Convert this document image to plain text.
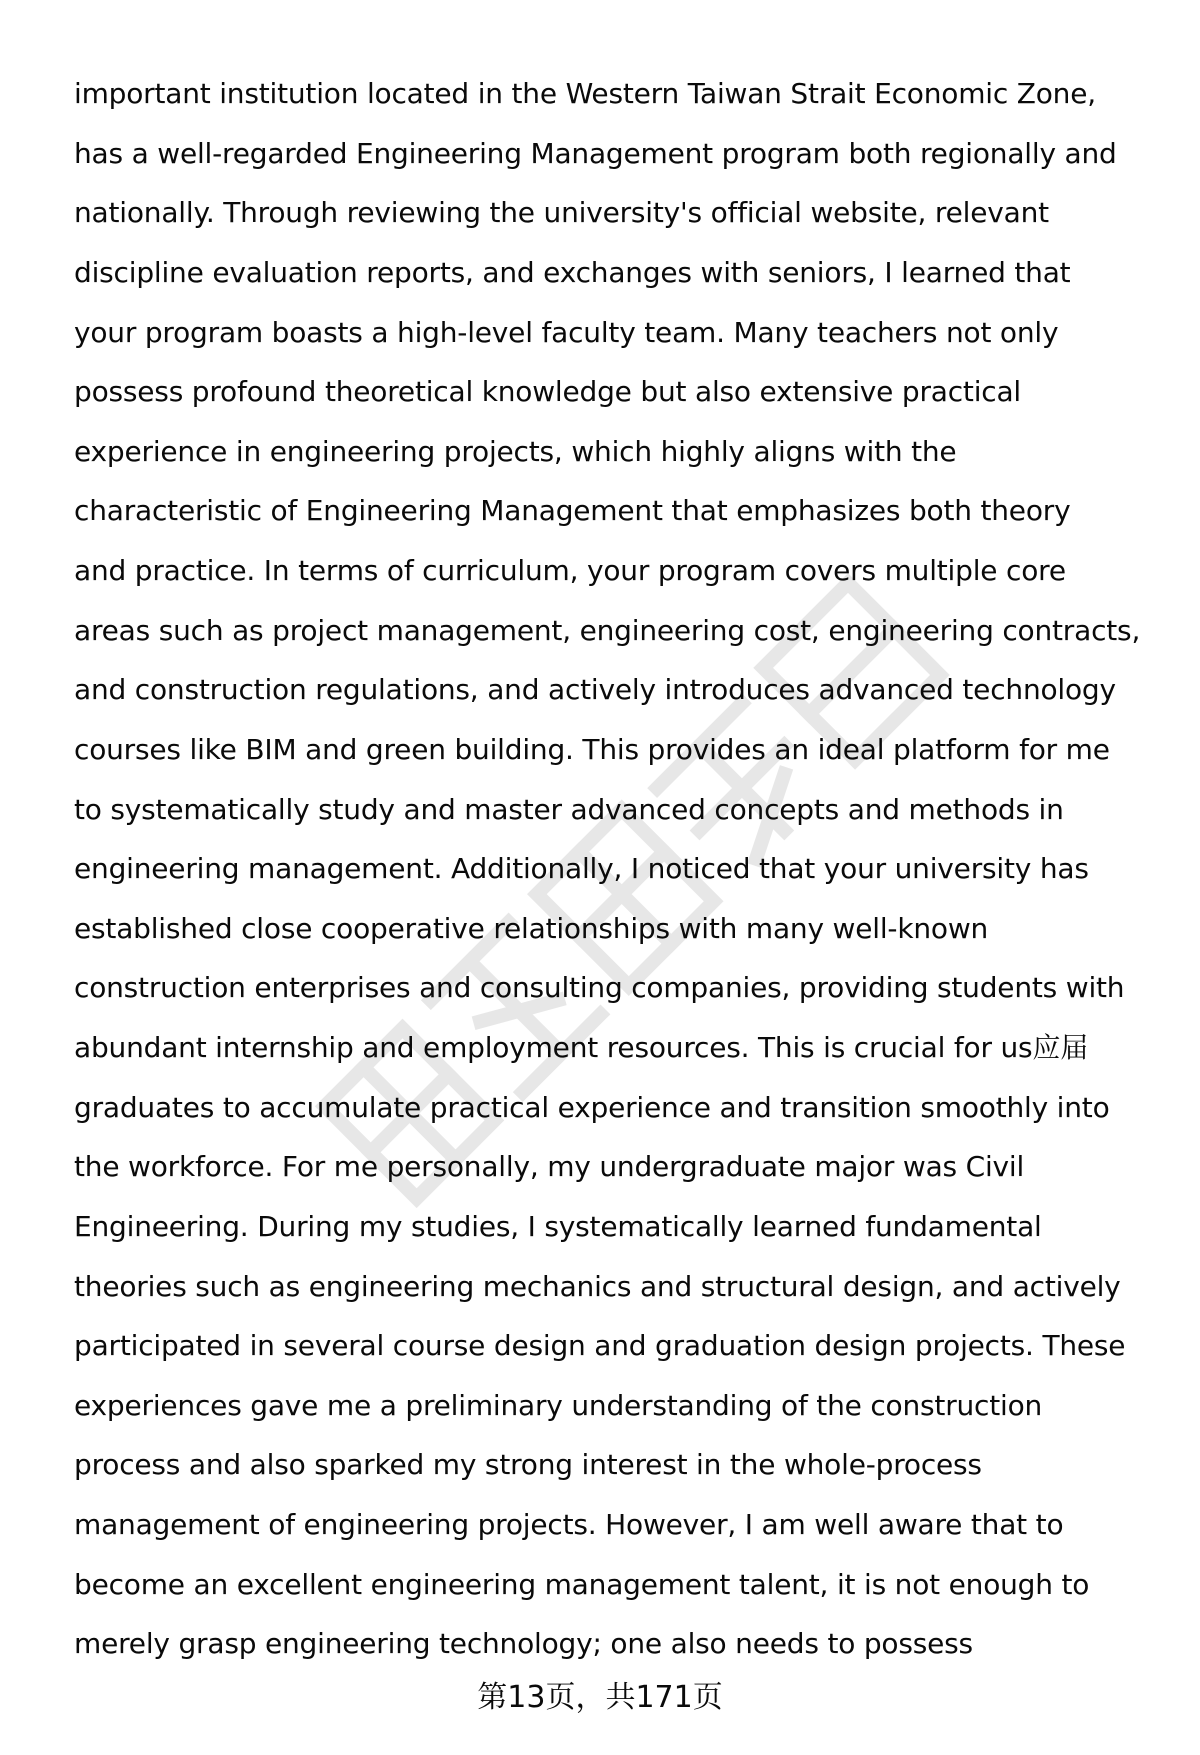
important institution located in the Western Taiwan Strait Economic Zone,
has a well-regarded Engineering Management program both regionally and
nationally. Through reviewing the university's official website, relevant
discipline evaluation reports, and exchanges with seniors, I learned that
your program boasts a high-level faculty team. Many teachers not only
possess profound theoretical knowledge but also extensive practical
experience in engineering projects, which highly aligns with the
characteristic of Engineering Management that emphasizes both theory
and practice. In terms of curriculum, your program covers multiple core
areas such as project management, engineering cost, engineering contracts,
and construction regulations, and actively introduces advanced technology
courses like BIM and green building. This provides an ideal platform for me
to systematically study and master advanced concepts and methods in
engineering management. Additionally, I noticed that your university has
established close cooperative relationships with many well-known
construction enterprises and consulting companies, providing students with
abundant internship and employment resources. This is crucial for us应届
graduates to accumulate practical experience and transition smoothly into
the workforce. For me personally, my undergraduate major was Civil
Engineering. During my studies, I systematically learned fundamental
theories such as engineering mechanics and structural design, and actively
participated in several course design and graduation design projects. These
experiences gave me a preliminary understanding of the construction
process and also sparked my strong interest in the whole-process
management of engineering projects. However, I am well aware that to
become an excellent engineering management talent, it is not enough to
merely grasp engineering technology; one also needs to possess
第13页，共171页
